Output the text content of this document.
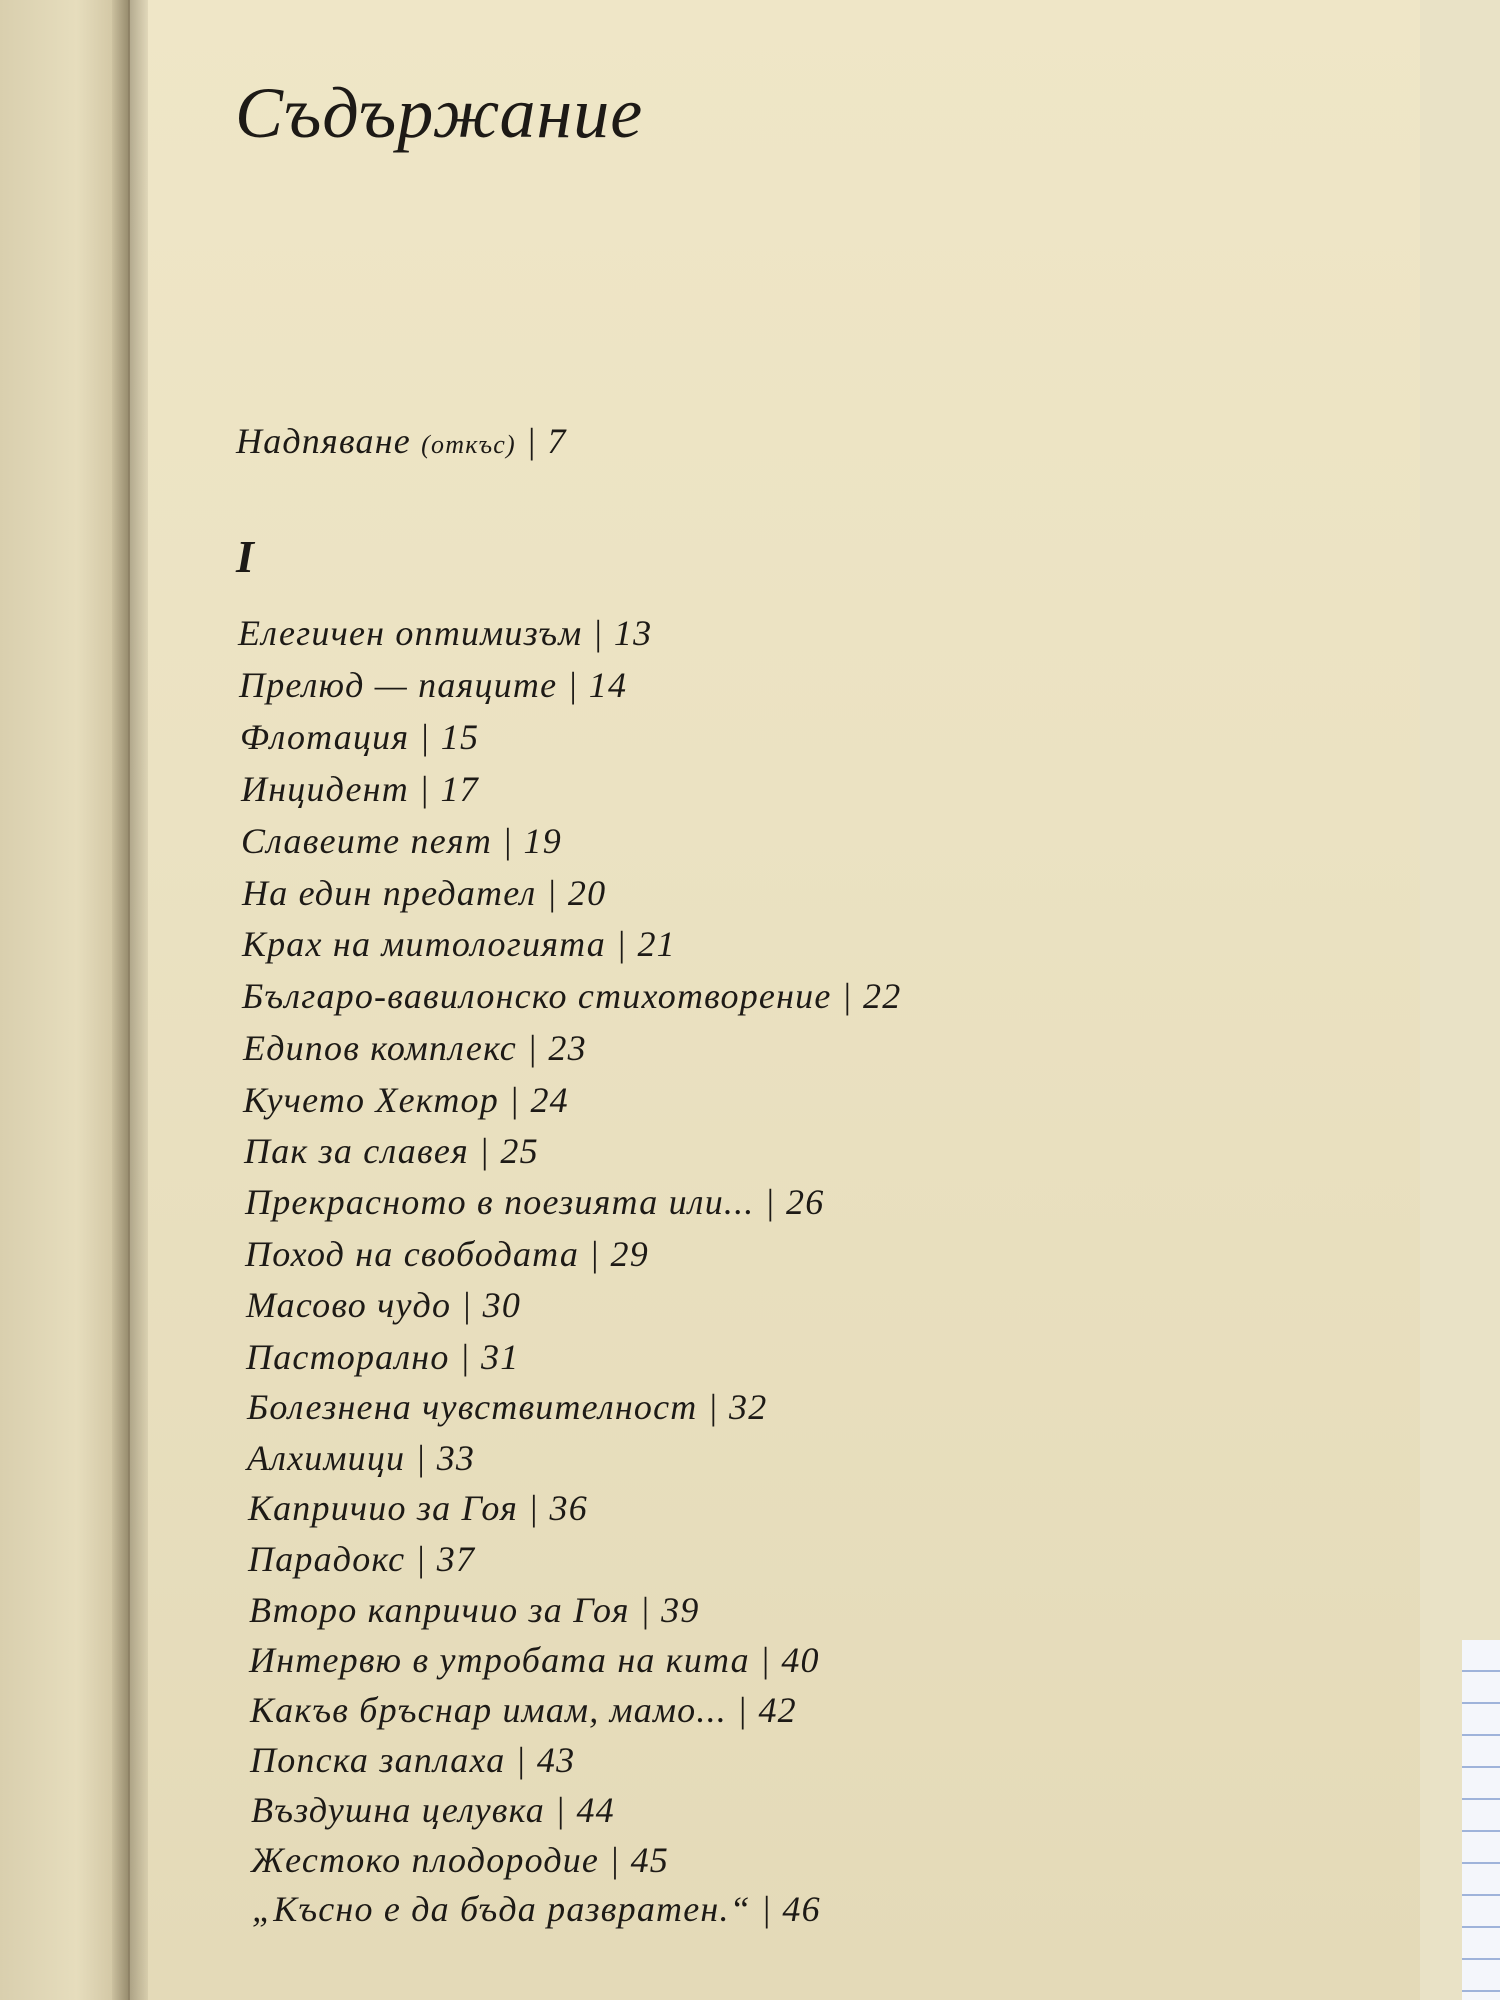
Съдържание
Надпяване (откъс) | 7
I
Елегичен оптимизъм | 13
Прелюд — паяците | 14
Флотация | 15
Инцидент | 17
Славеите пеят | 19
На един предател | 20
Крах на митологията | 21
Българо-вавилонско стихотворение | 22
Едипов комплекс | 23
Кучето Хектор | 24
Пак за славея | 25
Прекрасното в поезията или... | 26
Поход на свободата | 29
Масово чудо | 30
Пасторално | 31
Болезнена чувствителност | 32
Алхимици | 33
Капричио за Гоя | 36
Парадокс | 37
Второ капричио за Гоя | 39
Интервю в утробата на кита | 40
Какъв бръснар имам, мамо... | 42
Попска заплаха | 43
Въздушна целувка | 44
Жестоко плодородие | 45
„Късно е да бъда развратен.“ | 46
